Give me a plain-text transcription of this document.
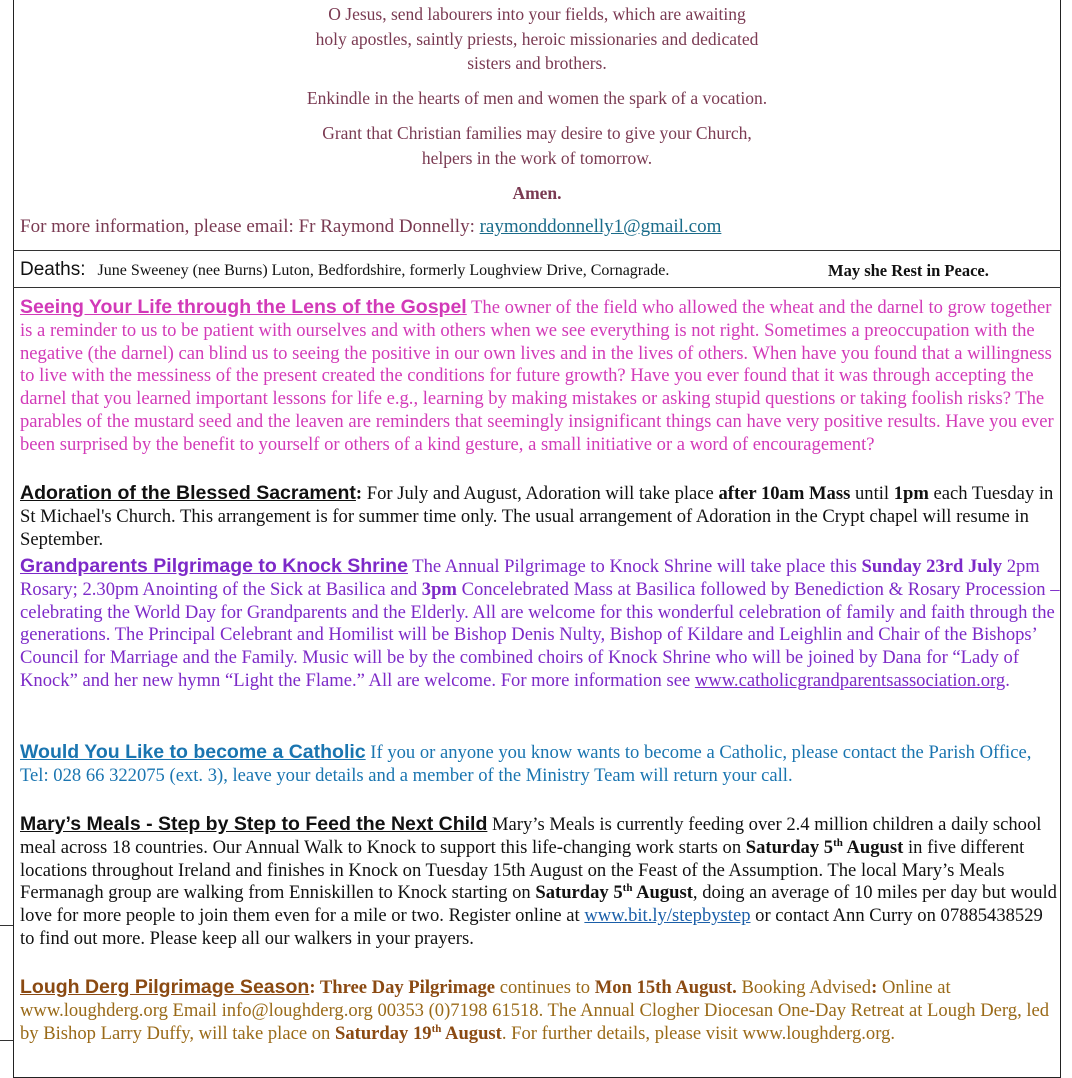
O Jesus, send labourers into your fields, which are awaiting
holy apostles, saintly priests, heroic missionaries and dedicated
sisters and brothers.
Enkindle in the hearts of men and women the spark of a vocation.
Grant that Christian families may desire to give your Church,
helpers in the work of tomorrow.
Amen.
For more information, please email: Fr Raymond Donnelly: raymonddonnelly1@gmail.com
Deaths: June Sweeney (nee Burns) Luton, Bedfordshire, formerly Loughview Drive, Cornagrade.	May she Rest in Peace.
Seeing Your Life through the Lens of the Gospel The owner of the field who allowed the wheat and the darnel to grow together is a reminder to us to be patient with ourselves and with others when we see everything is not right. Sometimes a preoccupation with the negative (the darnel) can blind us to seeing the positive in our own lives and in the lives of others. When have you found that a willingness to live with the messiness of the present created the conditions for future growth? Have you ever found that it was through accepting the darnel that you learned important lessons for life e.g., learning by making mistakes or asking stupid questions or taking foolish risks? The parables of the mustard seed and the leaven are reminders that seemingly insignificant things can have very positive results. Have you ever been surprised by the benefit to yourself or others of a kind gesture, a small initiative or a word of encouragement?
Adoration of the Blessed Sacrament: For July and August, Adoration will take place after 10am Mass until 1pm each Tuesday in St Michael's Church. This arrangement is for summer time only. The usual arrangement of Adoration in the Crypt chapel will resume in September.
Grandparents Pilgrimage to Knock Shrine The Annual Pilgrimage to Knock Shrine will take place this Sunday 23rd July 2pm Rosary; 2.30pm Anointing of the Sick at Basilica and 3pm Concelebrated Mass at Basilica followed by Benediction & Rosary Procession – celebrating the World Day for Grandparents and the Elderly. All are welcome for this wonderful celebration of family and faith through the generations. The Principal Celebrant and Homilist will be Bishop Denis Nulty, Bishop of Kildare and Leighlin and Chair of the Bishops’ Council for Marriage and the Family. Music will be by the combined choirs of Knock Shrine who will be joined by Dana for “Lady of Knock” and her new hymn “Light the Flame.” All are welcome. For more information see www.catholicgrandparentsassociation.org.
Would You Like to become a Catholic If you or anyone you know wants to become a Catholic, please contact the Parish Office, Tel: 028 66 322075 (ext. 3), leave your details and a member of the Ministry Team will return your call.
Mary’s Meals - Step by Step to Feed the Next Child Mary’s Meals is currently feeding over 2.4 million children a daily school meal across 18 countries. Our Annual Walk to Knock to support this life-changing work starts on Saturday 5th August in five different locations throughout Ireland and finishes in Knock on Tuesday 15th August on the Feast of the Assumption. The local Mary’s Meals Fermanagh group are walking from Enniskillen to Knock starting on Saturday 5th August, doing an average of 10 miles per day but would love for more people to join them even for a mile or two. Register online at www.bit.ly/stepbystep or contact Ann Curry on 07885438529 to find out more. Please keep all our walkers in your prayers.
Lough Derg Pilgrimage Season: Three Day Pilgrimage continues to Mon 15th August. Booking Advised: Online at www.loughderg.org Email info@loughderg.org 00353 (0)7198 61518. The Annual Clogher Diocesan One-Day Retreat at Lough Derg, led by Bishop Larry Duffy, will take place on Saturday 19th August. For further details, please visit www.loughderg.org.
